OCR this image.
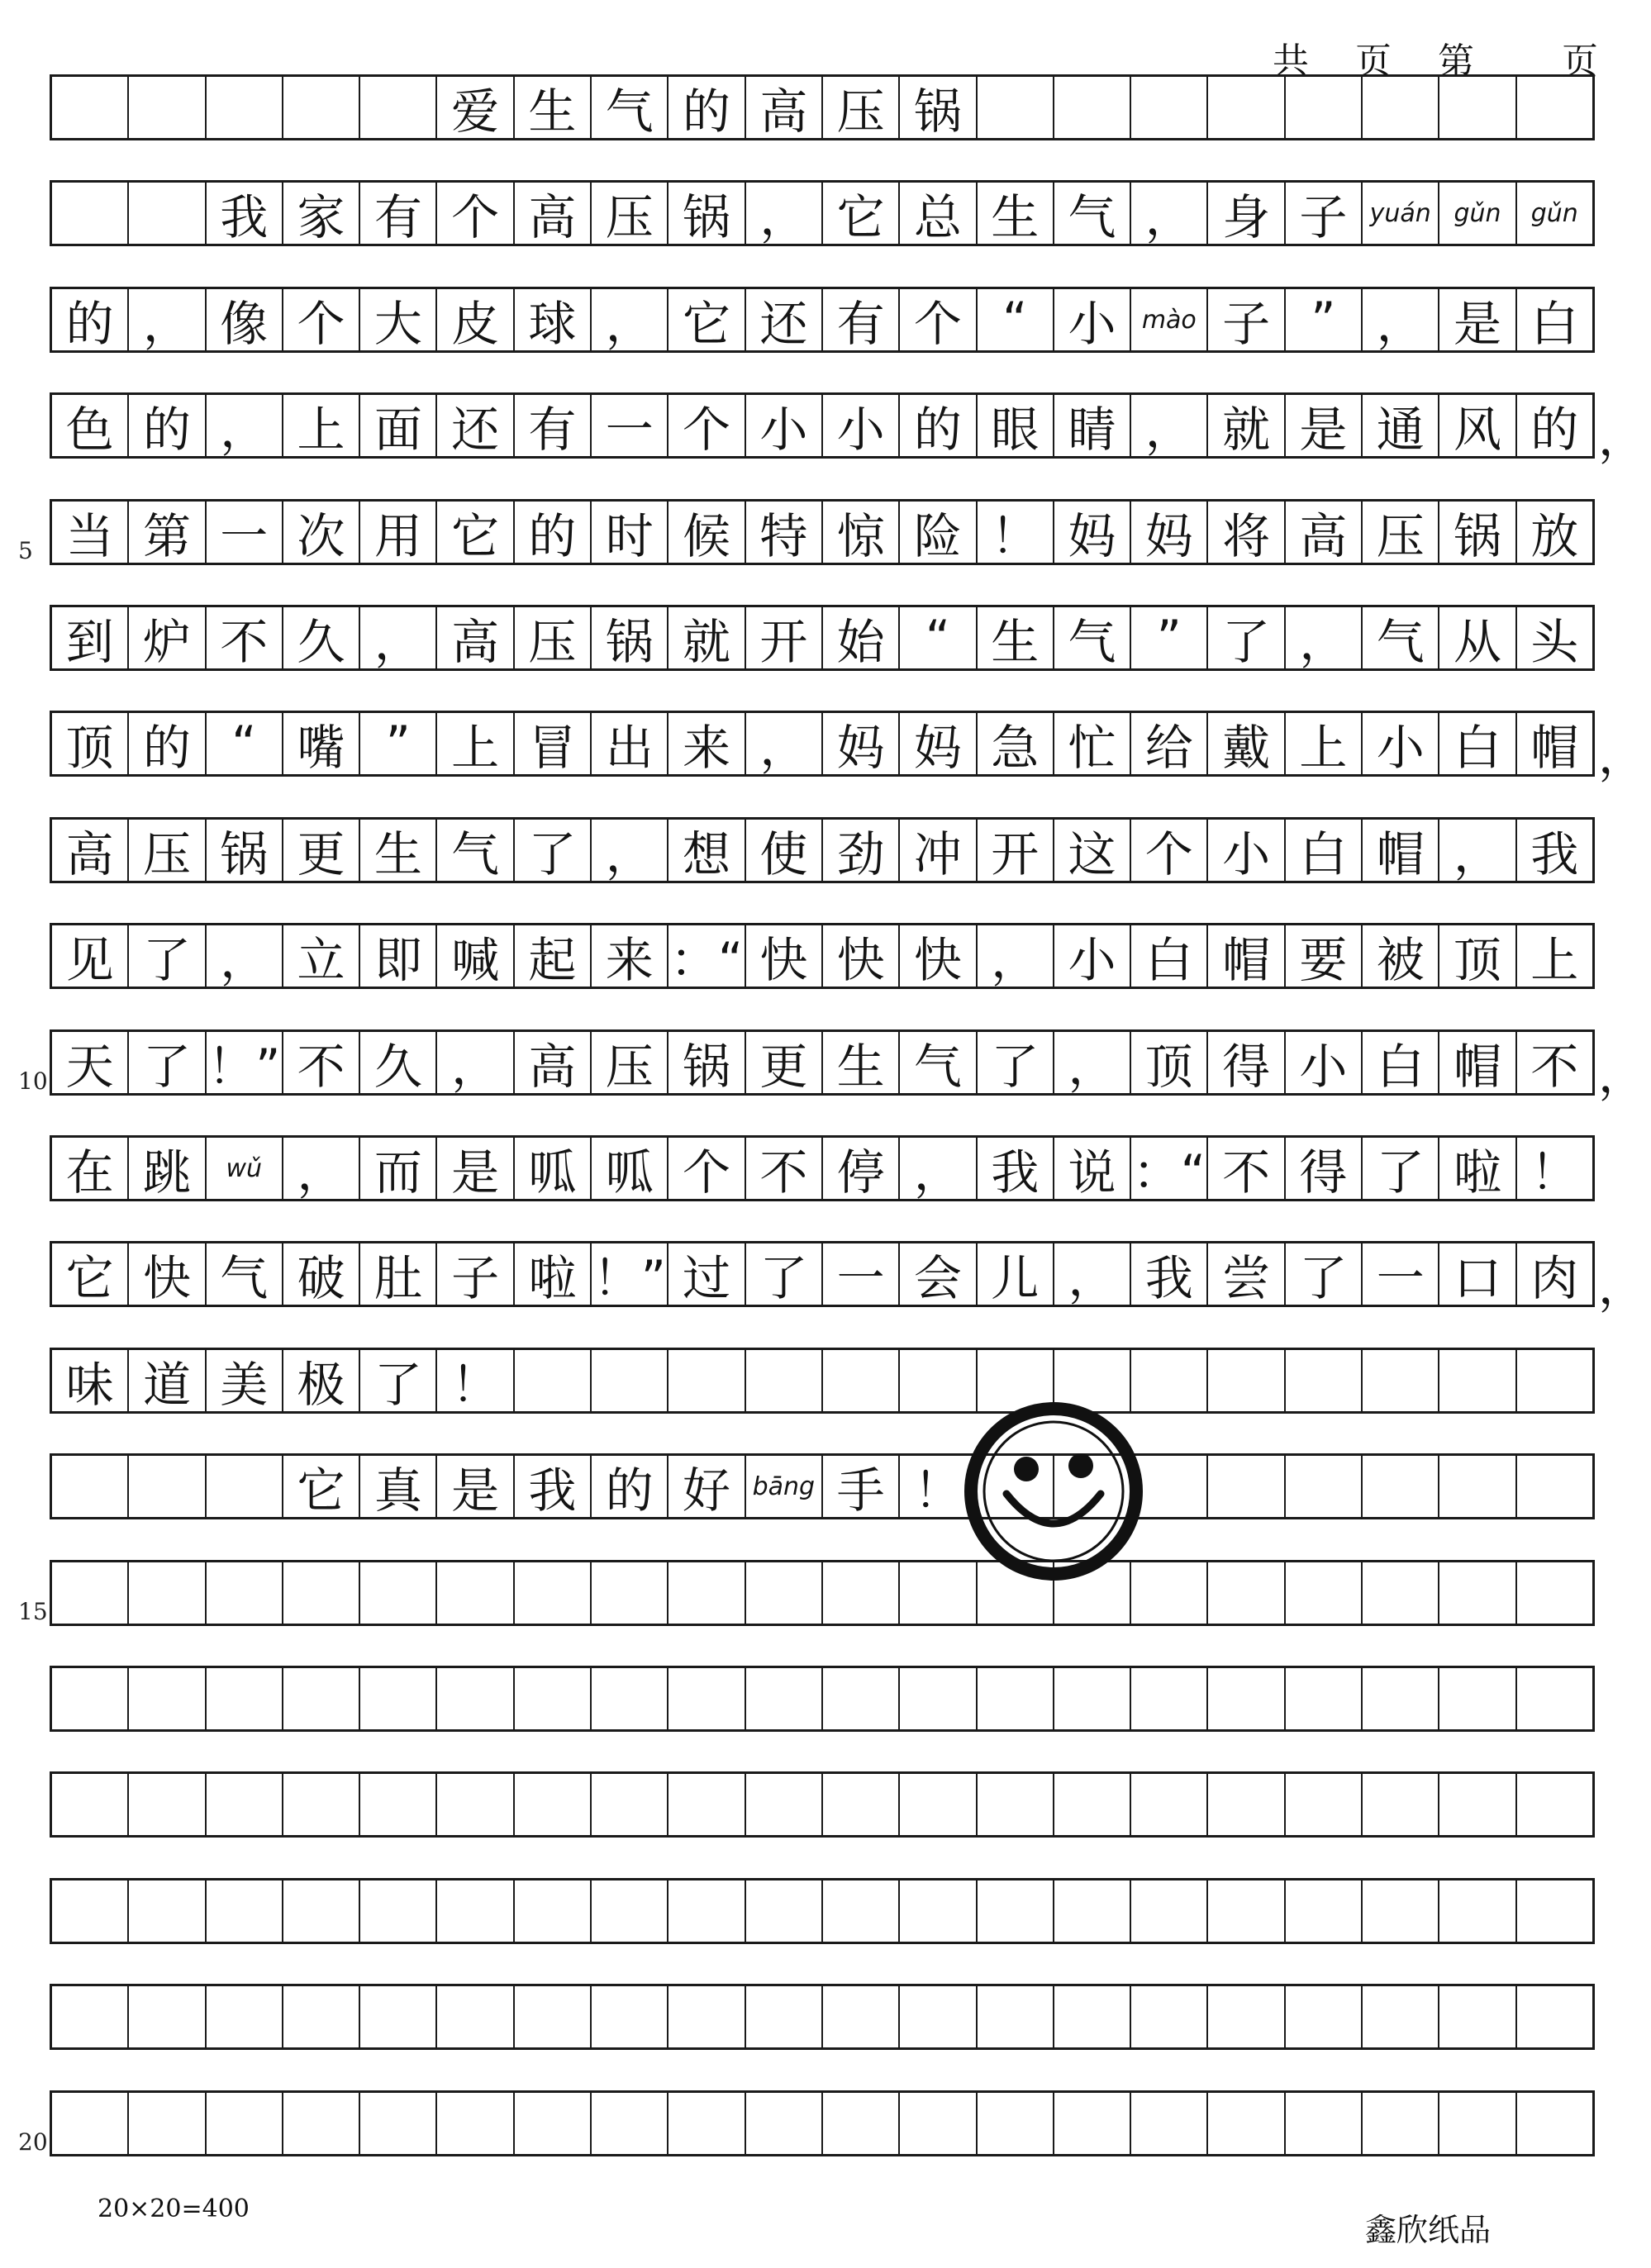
共 页 第 页
爱 生 气 的 高 压 锅
我 家 有 个 高 压 锅 ， 它 总 生 气 ， 身 子 yuán gǔn	gǔn
的 ， 像 个 大 皮 球 ， 它 还 有 个 “ 小	mào 子 ” ， 是 白
色 的 ， 上 面 还 有 一 个 小 小 的 眼 睛 ， 就 是 通 风 的 ，
当 第 一 次 用 它 的 时 候 特 惊 险 ！ 妈 妈 将 高 压 锅 放
5
到 炉 不 久 ， 高 压 锅 就 开 始 “ 生 气 ” 了 ， 气 从 头
顶 的 “ 嘴 ” 上 冒 出 来 ， 妈 妈 急 忙 给 戴 上 小 白 帽 ，
高 压 锅 更 生 气 了 ， 想 使 劲 冲 开 这 个 小 白 帽 ， 我
见 了 ， 立 即 喊 起 来 ：“ 快 快 快 ， 小 白 帽 要 被 顶 上
天 了 ！” 不 久 ， 高 压 锅 更 生 气 了 ， 顶 得 小 白 帽 不 ，
10
在 跳	wǔ ， 而 是 呱 呱 个 不 停 ， 我 说 ：“ 不 得 了 啦 ！
它 快 气 破 肚 子 啦 ！” 过 了 一 会 儿 ， 我 尝 了 一 口 肉 ，
味 道 美 极 了 ！
它 真 是 我 的 好 bāng 手 ！
15
20
20×20=400
鑫欣纸品
